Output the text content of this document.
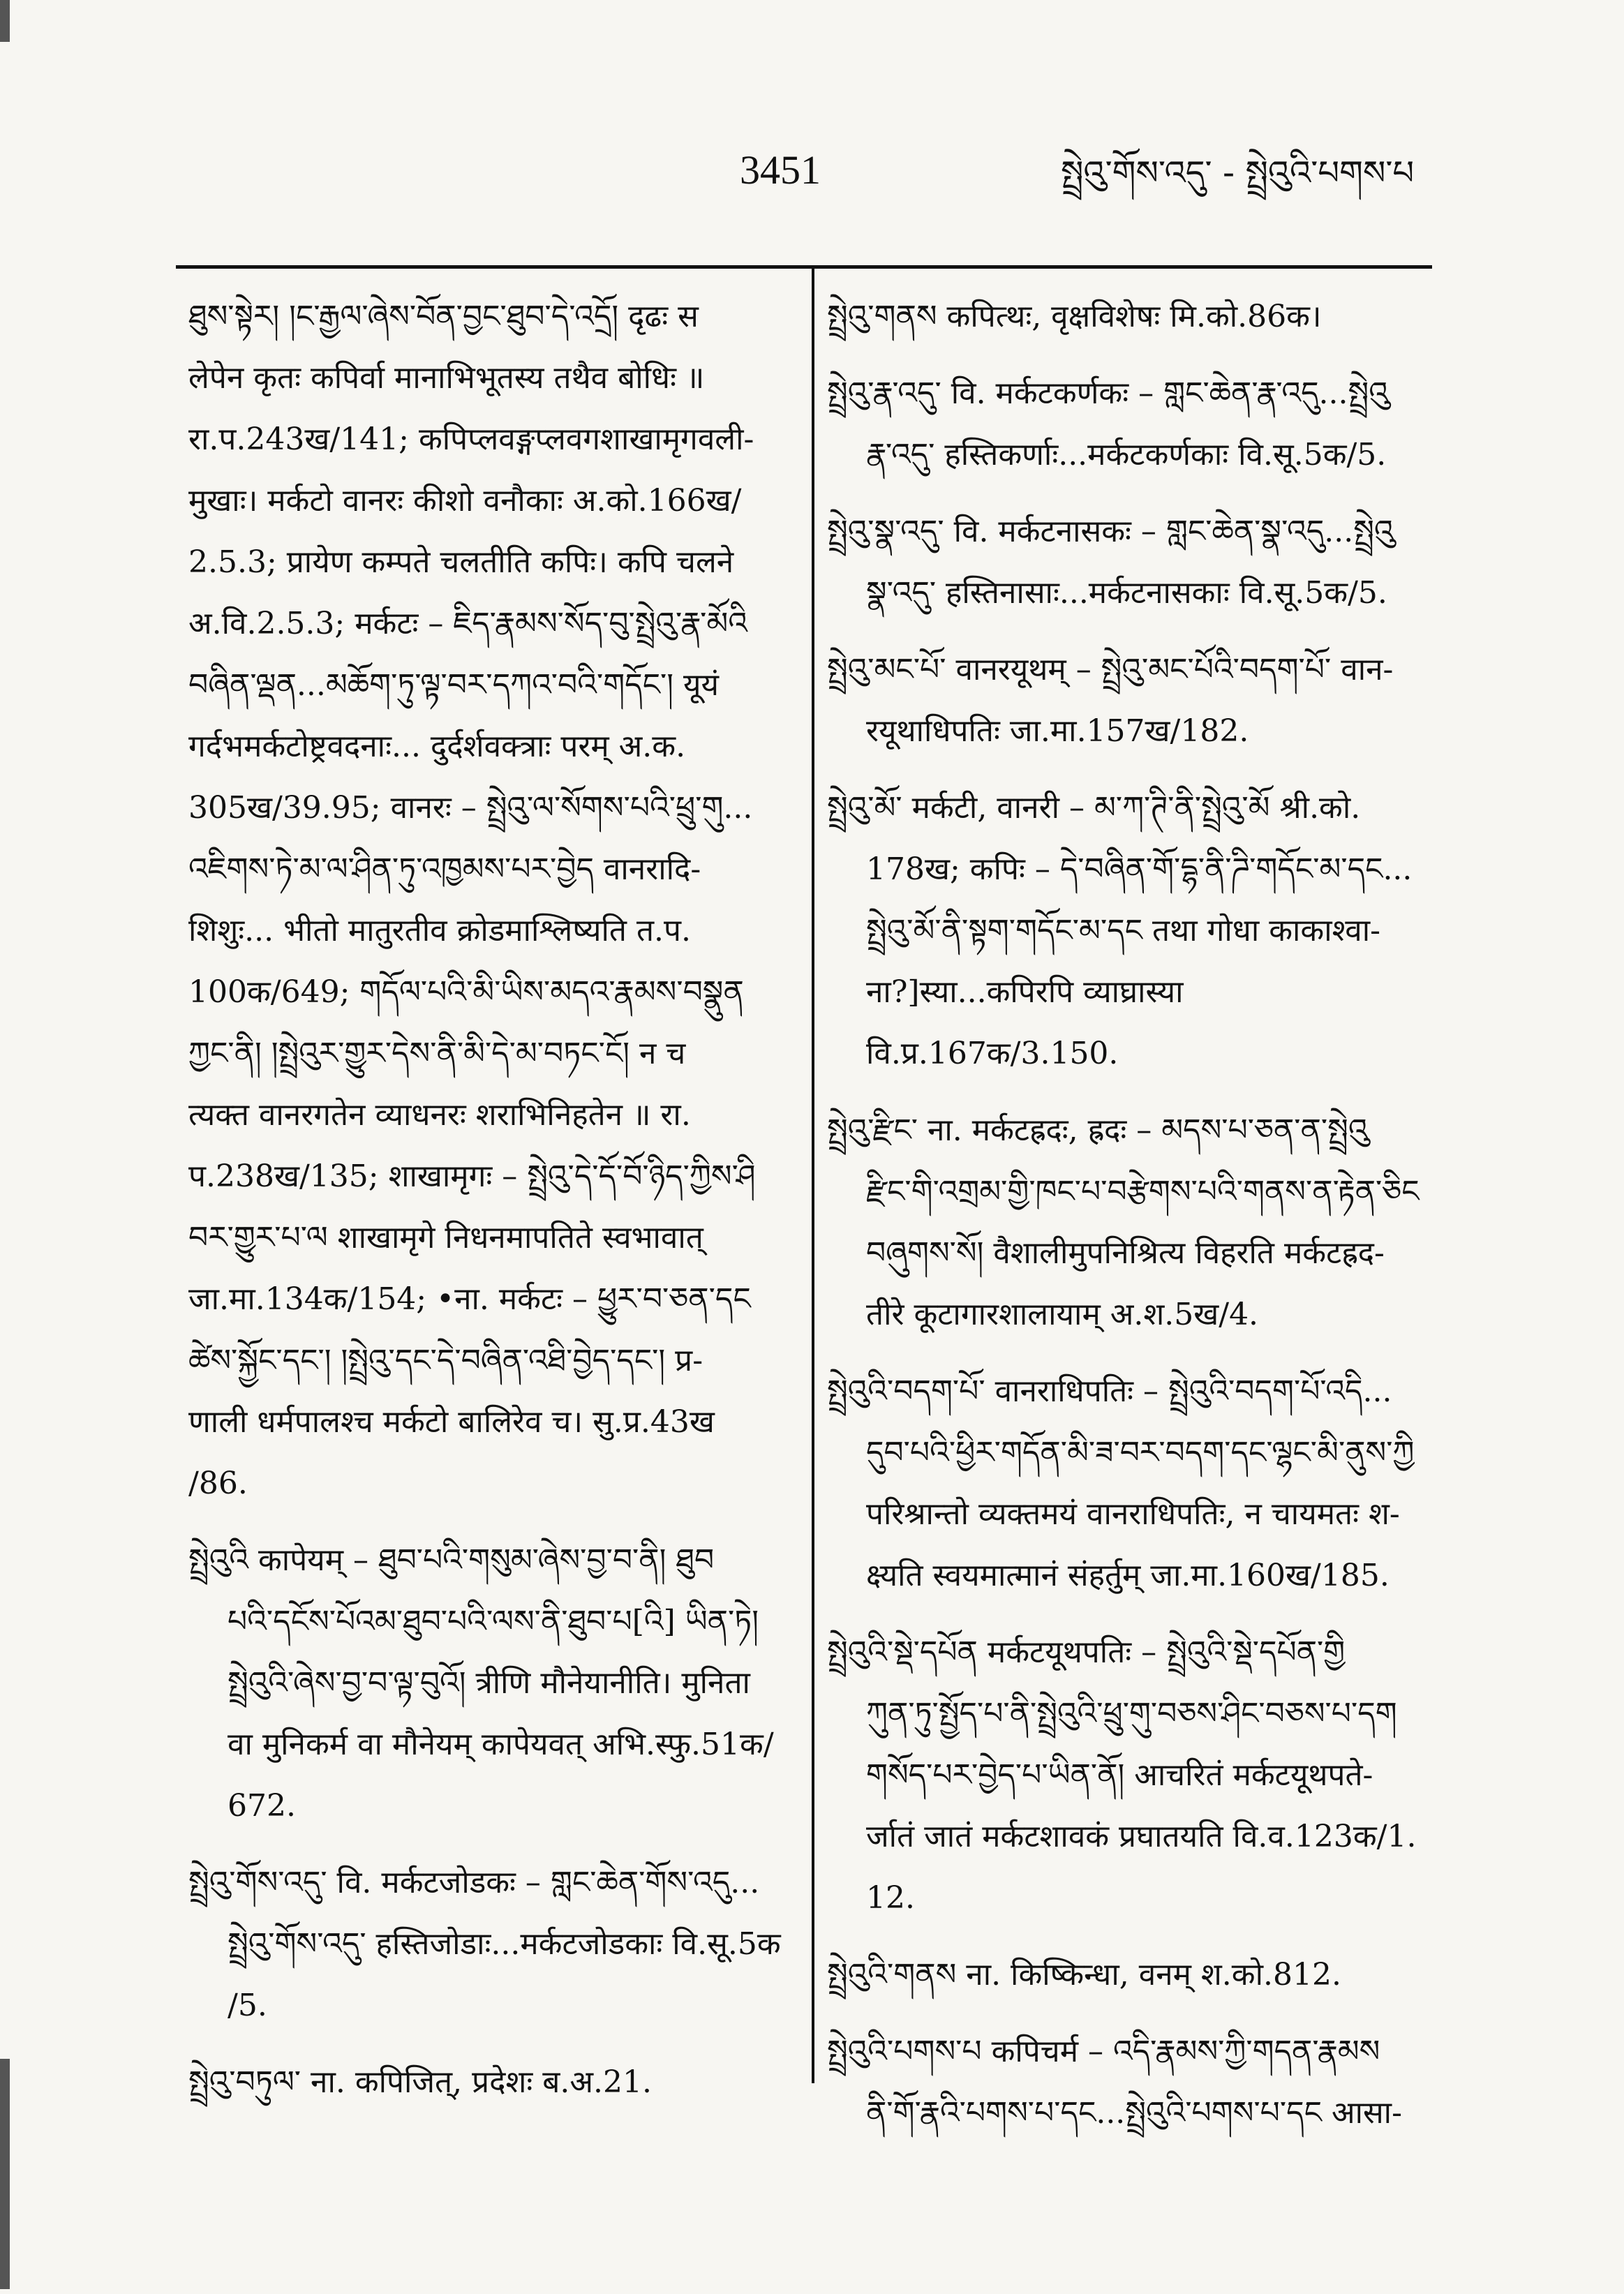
3451	སྤྲེའུ་གོས་འདུ་ - སྤྲེའུའི་པགས་པ

ཐུས་སྟེར། །ང་རྒྱལ་ཞེས་བོན་བྱང་ཐུབ་དེ་འདྲོ། दृढः स
लेपेन कृतः कपिर्वा मानाभिभूतस्य तथैव बोधिः ॥
रा.प.243ख/141; कपिप्लवङ्गप्लवगशाखामृगवली-
मुखाः। मर्कटो वानरः कीशो वनौकाः अ.को.166ख/
2.5.3; प्रायेण कम्पते चलतीति कपिः। कपि चलने
अ.वि.2.5.3; मर्कटः – ཇིད་རྣམས་སོད་བུ་སྤྲེའུ་རྣ་མོའི
བཞིན་ལྡན...མཆོག་ཏུ་ལྟ་བར་དཀའ་བའི་གདོང་། यूयं
गर्दभमर्कटोष्ट्रवदनाः... दुर्दर्शवक्त्राः परम् अ.क.
305ख/39.95; वानरः – སྤྲེའུ་ལ་སོགས་པའི་ཕྲུ་གུ...
འཇིགས་ཏེ་མ་ལ་ཤིན་ཏུ་འཁྱམས་པར་བྱེད वानरादि-
शिशुः... भीतो मातुरतीव क्रोडमाश्लिष्यति त.प.
100क/649; གདོལ་པའི་མི་ཡིས་མདའ་རྣམས་བསྣུན
ཀྱང་ནི། །སྤྲེའུར་གྱུར་དེས་ནི་མི་དེ་མ་བཏང་ངོ། न च
त्यक्त वानरगतेन व्याधनरः शराभिनिहतेन ॥ रा.
प.238ख/135; शाखामृगः – སྤྲེའུ་དེ་དོ་བོ་ཉིད་ཀྱིས་ཤི
བར་གྱུར་པ་ལ शाखामृगे निधनमापतिते स्वभावात्
जा.मा.134क/154; •ना. मर्कटः – ཕྱུར་བ་ཅན་དང
ཚེས་སྐྱོང་དང་། །སྤྲེའུ་དང་དེ་བཞིན་འཐི་བྱེད་དང་། प्र-
णाली धर्मपालश्च मर्कटो बालिरेव च। सु.प्र.43ख
/86.

སྤྲེའུའི कापेयम् – ཐུབ་པའི་གསུམ་ཞེས་བྱ་བ་ནི། ཐུབ
པའི་དངོས་པོའམ་ཐུབ་པའི་ལས་ནི་ཐུབ་པ[འི] ཡིན་ཏེ།
སྤྲེའུའི་ཞེས་བྱ་བ་ལྟ་བུའོ། त्रीणि मौनेयानीति। मुनिता
वा मुनिकर्म वा मौनेयम् कापेयवत् अभि.स्फु.51क/
672.

སྤྲེའུ་གོས་འདུ་ वि. मर्कटजोडकः – གླང་ཆེན་གོས་འདུ...
སྤྲེའུ་གོས་འདུ་ हस्तिजोडाः...मर्कटजोडकाः वि.सू.5क
/5.

སྤྲེའུ་བཏུལ་ ना. कपिजित्, प्रदेशः ब.अ.21.

སྤྲེའུ་གནས कपित्थः, वृक्षविशेषः मि.को.86क।

སྤྲེའུ་རྣ་འདུ་ वि. मर्कटकर्णकः – གླང་ཆེན་རྣ་འདུ...སྤྲེའུ
རྣ་འདུ་ हस्तिकर्णाः...मर्कटकर्णकाः वि.सू.5क/5.

སྤྲེའུ་སྣ་འདུ་ वि. मर्कटनासकः – གླང་ཆེན་སྣ་འདུ...སྤྲེའུ
སྣ་འདུ་ हस्तिनासाः...मर्कटनासकाः वि.सू.5क/5.

སྤྲེའུ་མང་པོ་ वानरयूथम् – སྤྲེའུ་མང་པོའི་བདག་པོ་ वान-
रयूथाधिपतिः जा.मा.157ख/182.

སྤྲེའུ་མོ་ मर्कटी, वानरी – མ་ཀ་ཊི་ནི་སྤྲེའུ་མོ श्री.को.
178ख; कपिः – དེ་བཞིན་གོ་དྷ་ནི་ཌི་གདོང་མ་དང...
སྤྲེའུ་མོ་ནི་སྟག་གདོང་མ་དང तथा गोधा काकाश्वा-
ना?]स्या...कपिरपि व्याघ्रास्या वि.प्र.167क/3.150.

སྤྲེའུ་རྫིང་ ना. मर्कटह्रदः, ह्रदः – མདས་པ་ཅན་ན་སྤྲེའུ
རྫིང་གི་འགྲམ་གྱི་ཁང་པ་བརྩེགས་པའི་གནས་ན་རྟེན་ཅིང
བཞུགས་སོ། वैशालीमुपनिश्रित्य विहरति मर्कटह्रद-
तीरे कूटागारशालायाम् अ.श.5ख/4.

སྤྲེའུའི་བདག་པོ་ वानराधिपतिः – སྤྲེའུའི་བདག་པོ་འདི...
དུབ་པའི་ཕྱིར་གདོན་མི་ཟ་བར་བདག་དང་ལྷང་མི་ནུས་ཀྱི
परिश्रान्तो व्यक्तमयं वानराधिपतिः, न चायमतः श-
क्ष्यति स्वयमात्मानं संहर्तुम् जा.मा.160ख/185.

སྤྲེའུའི་སྡེ་དཔོན मर्कटयूथपतिः – སྤྲེའུའི་སྡེ་དཔོན་གྱི
ཀུན་ཏུ་སྤྱོད་པ་ནི་སྤྲེའུའི་ཕྲུ་གུ་བཅས་ཤིང་བཅས་པ་དག
གསོད་པར་བྱེད་པ་ཡིན་ནོ། आचरितं मर्कटयूथपते-
र्जातं जातं मर्कटशावकं प्रघातयति वि.व.123क/1.
12.

སྤྲེའུའི་གནས ना. किष्किन्धा, वनम् श.को.812.

སྤྲེའུའི་པགས་པ कपिचर्म – འདི་རྣམས་ཀྱི་གདན་རྣམས
ནི་གོ་རྣའི་པགས་པ་དང...སྤྲེའུའི་པགས་པ་དང आसा-
